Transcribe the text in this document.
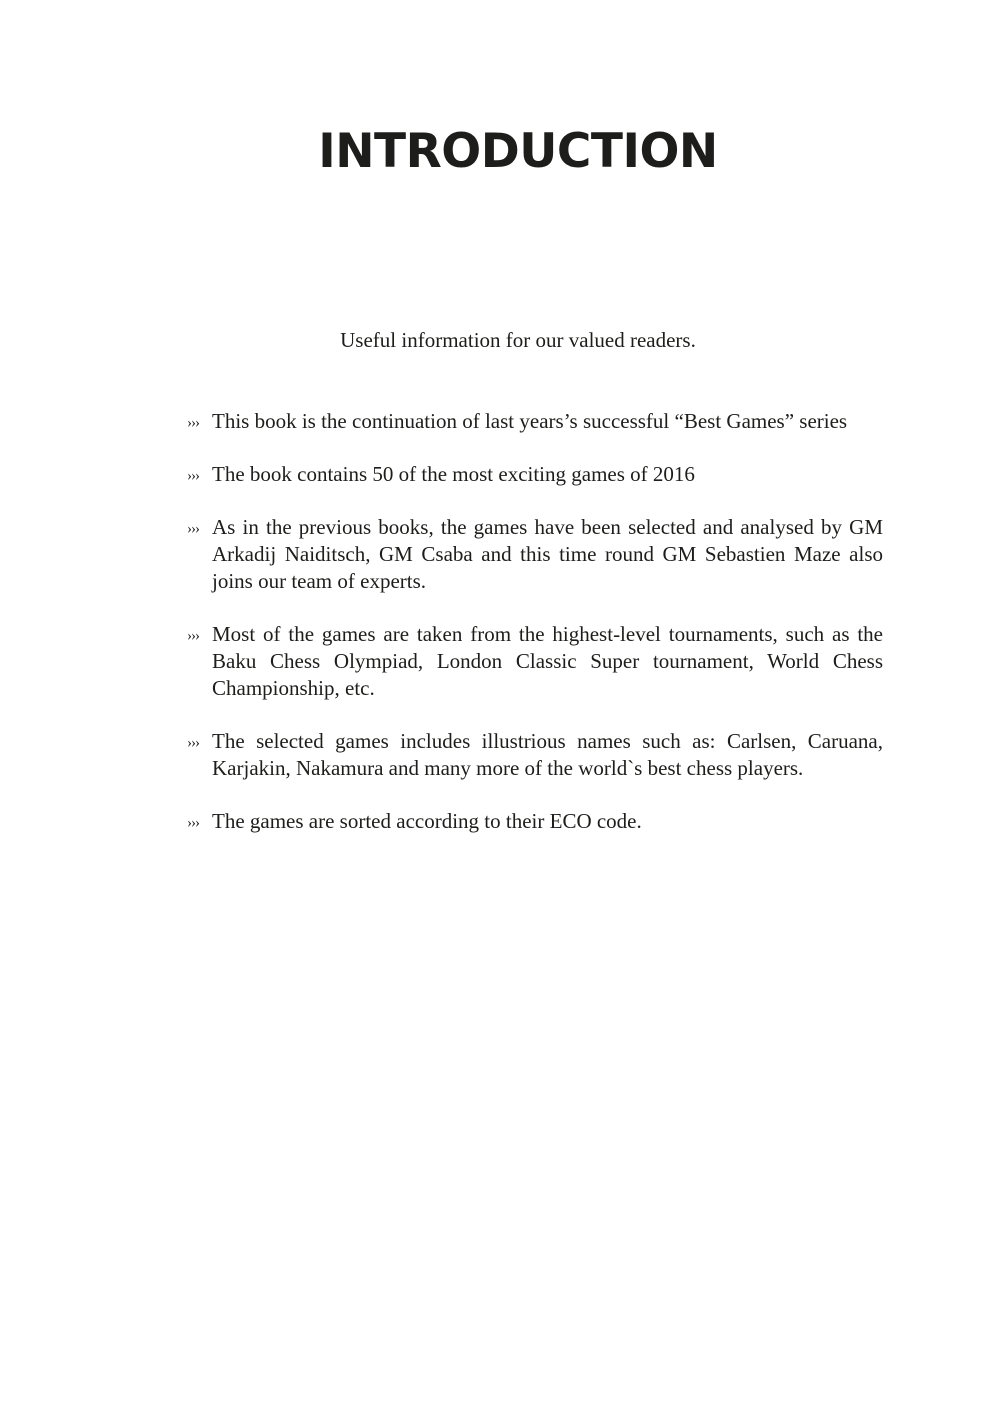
INTRODUCTION

Useful information for our valued readers.

››› This book is the continuation of last years’s successful “Best Games” series
››› The book contains 50 of the most exciting games of 2016
››› As in the previous books, the games have been selected and analysed by GM Arkadij Naiditsch, GM Csaba and this time round GM Sebastien Maze also joins our team of experts.
››› Most of the games are taken from the highest-level tournaments, such as the Baku Chess Olympiad, London Classic Super tournament, World Chess Championship, etc.
››› The selected games includes illustrious names such as: Carlsen, Caruana, Karjakin, Nakamura and many more of the world`s best chess players.
››› The games are sorted according to their ECO code.
